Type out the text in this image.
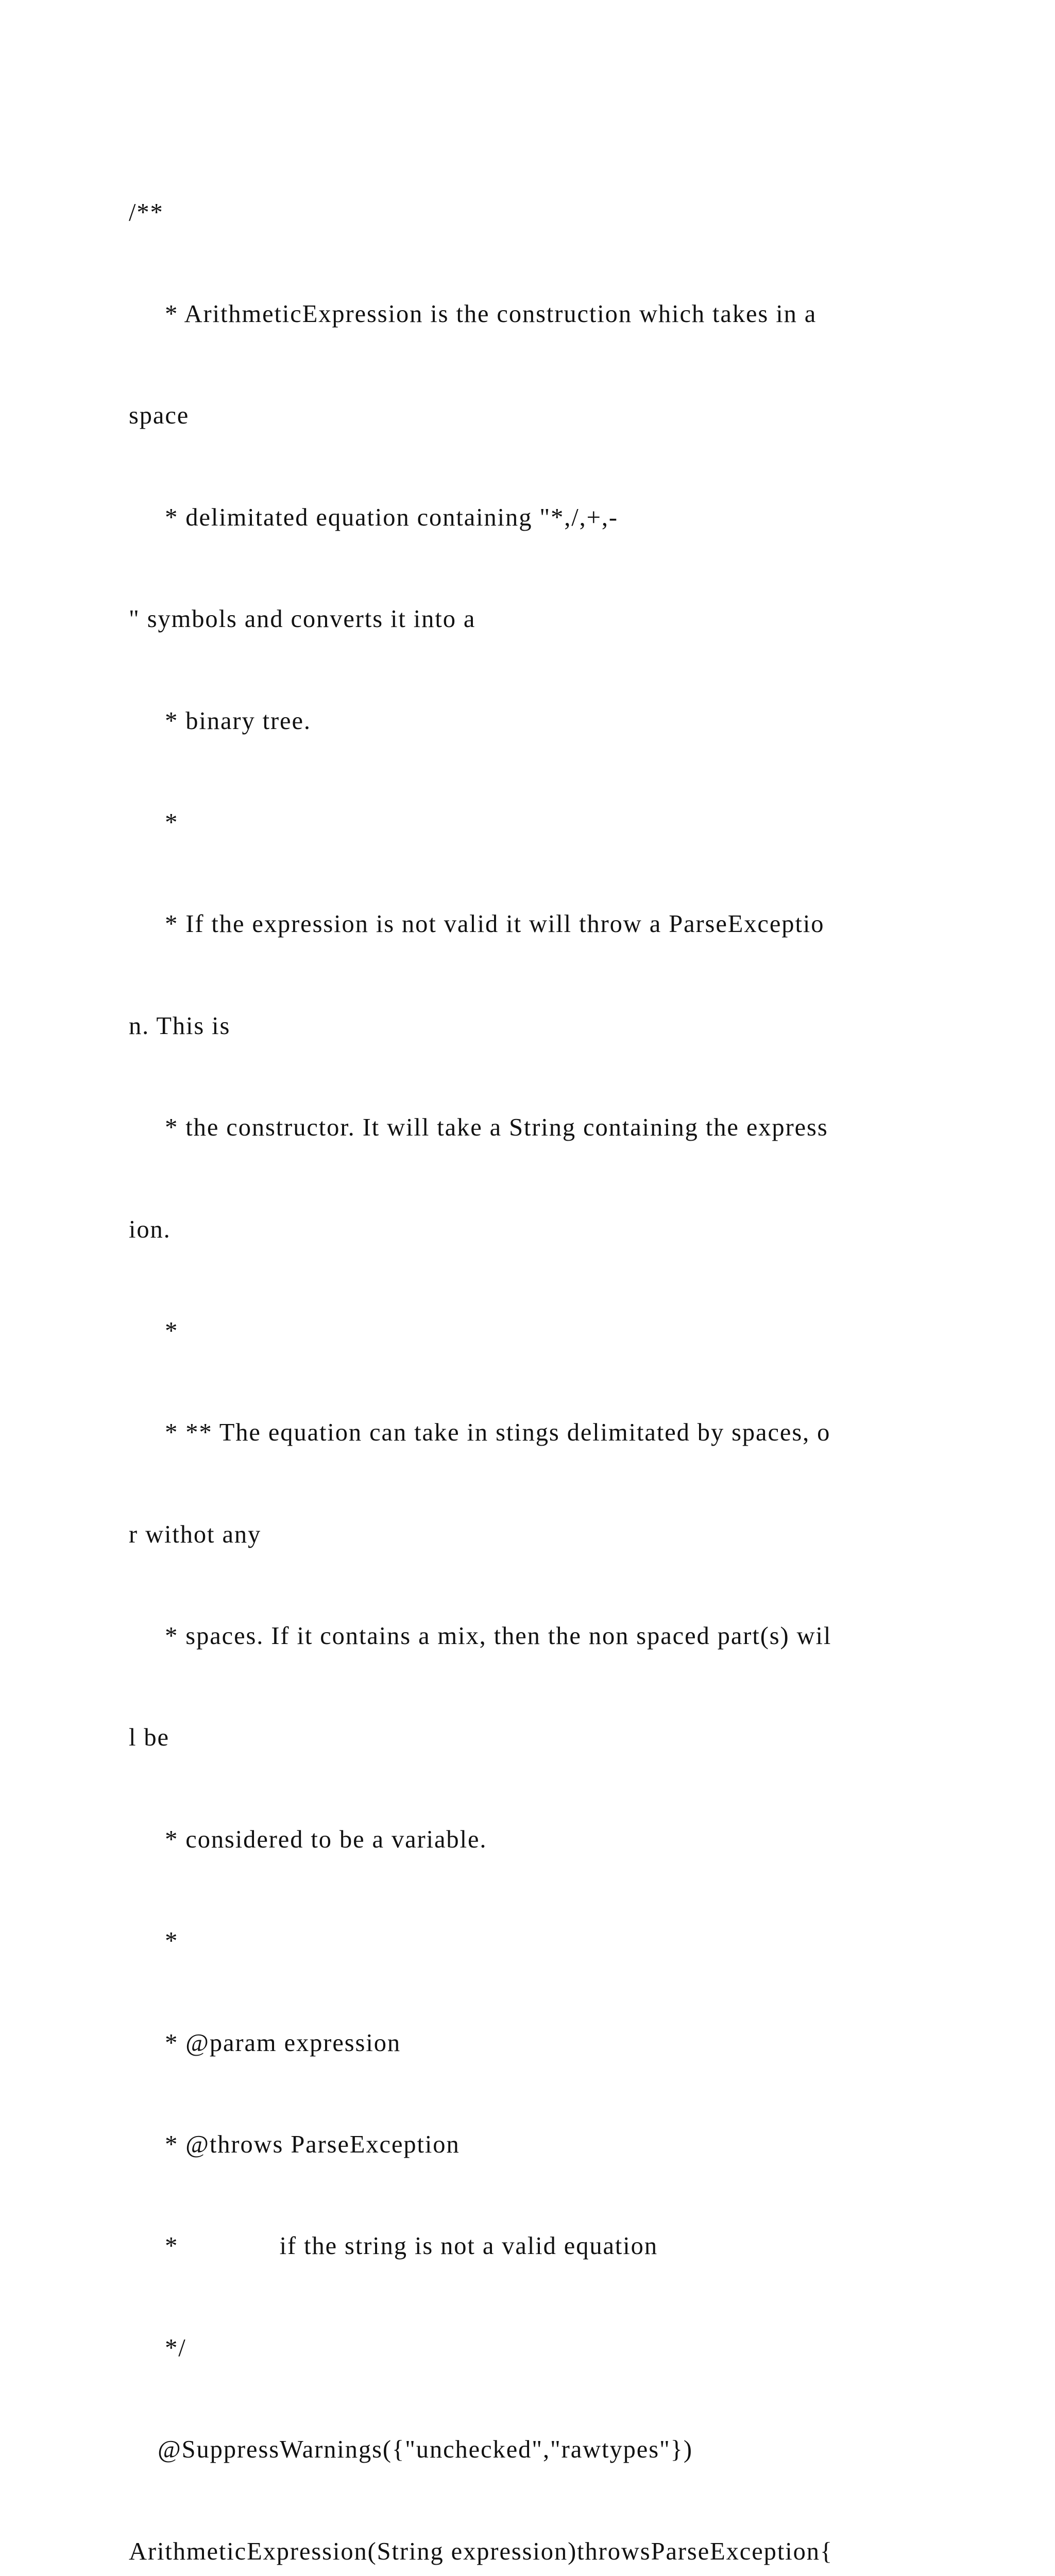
/**

* ArithmeticExpression is the construction which takes in a

space

* delimitated equation containing "*,/,+,-

" symbols and converts it into a

* binary tree.

*

* If the expression is not valid it will throw a ParseExceptio

n. This is

* the constructor. It will take a String containing the express

ion.

*

* ** The equation can take in stings delimitated by spaces, o

r withot any

* spaces. If it contains a mix, then the non spaced part(s) wil

l be

* considered to be a variable.

*

* @param expression

* @throws ParseException

*              if the string is not a valid equation

*/

@SuppressWarnings({"unchecked","rawtypes"})

ArithmeticExpression(String expression)throwsParseException{
